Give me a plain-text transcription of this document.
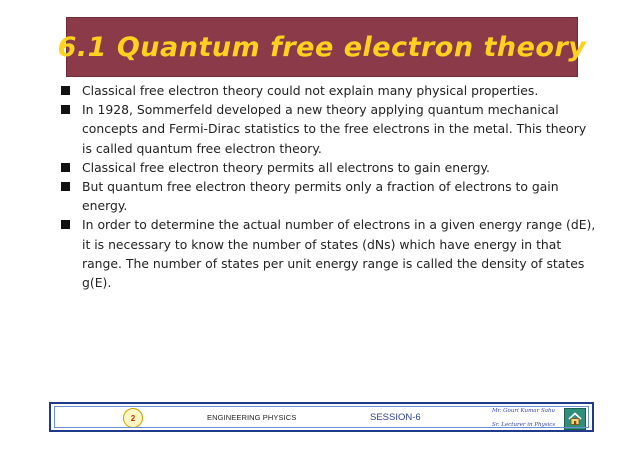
6.1 Quantum free electron theory
Classical free electron theory could not explain many physical properties.
In 1928, Sommerfeld developed a new theory applying quantum mechanical concepts and Fermi-Dirac statistics to the free electrons in the metal. This theory is called quantum free electron theory.
Classical free electron theory permits all electrons to gain energy.
But quantum free electron theory permits only a fraction of electrons to gain energy.
In order to determine the actual number of electrons in a given energy range (dE), it is necessary to know the number of states (dNs) which have energy in that range. The number of states per unit energy range is called the density of states g(E).
2	ENGINEERING PHYSICS	SESSION-6
Mr. Gouri Kumar Sahu
Sr. Lecturer in Physics
